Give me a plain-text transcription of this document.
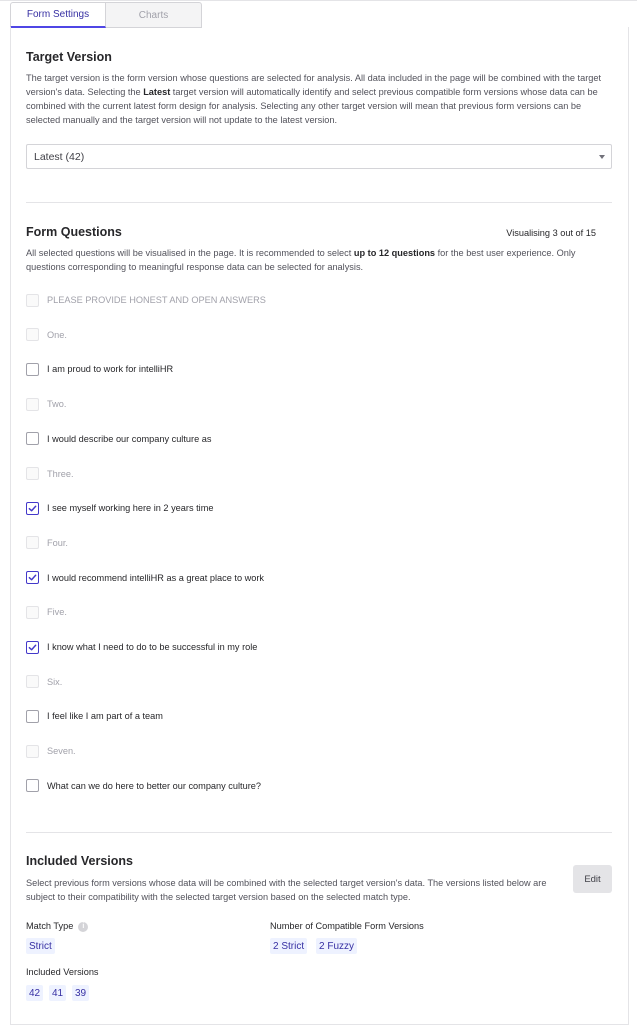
Form Settings	Charts
Target Version
The target version is the form version whose questions are selected for analysis. All data included in the page will be combined with the target version's data. Selecting the Latest target version will automatically identify and select previous compatible form versions whose data can be combined with the current latest form design for analysis. Selecting any other target version will mean that previous form versions can be selected manually and the target version will not update to the latest version.
Latest (42)
Form Questions	Visualising 3 out of 15
All selected questions will be visualised in the page. It is recommended to select up to 12 questions for the best user experience. Only questions corresponding to meaningful response data can be selected for analysis.
PLEASE PROVIDE HONEST AND OPEN ANSWERS
One.
I am proud to work for intelliHR
Two.
I would describe our company culture as
Three.
I see myself working here in 2 years time
Four.
I would recommend intelliHR as a great place to work
Five.
I know what I need to do to be successful in my role
Six.
I feel like I am part of a team
Seven.
What can we do here to better our company culture?
Included Versions
Select previous form versions whose data will be combined with the selected target version's data. The versions listed below are subject to their compatibility with the selected target version based on the selected match type.
Edit
Match Type i
Strict
Number of Compatible Form Versions
2 Strict	2 Fuzzy
Included Versions
42	41	39
